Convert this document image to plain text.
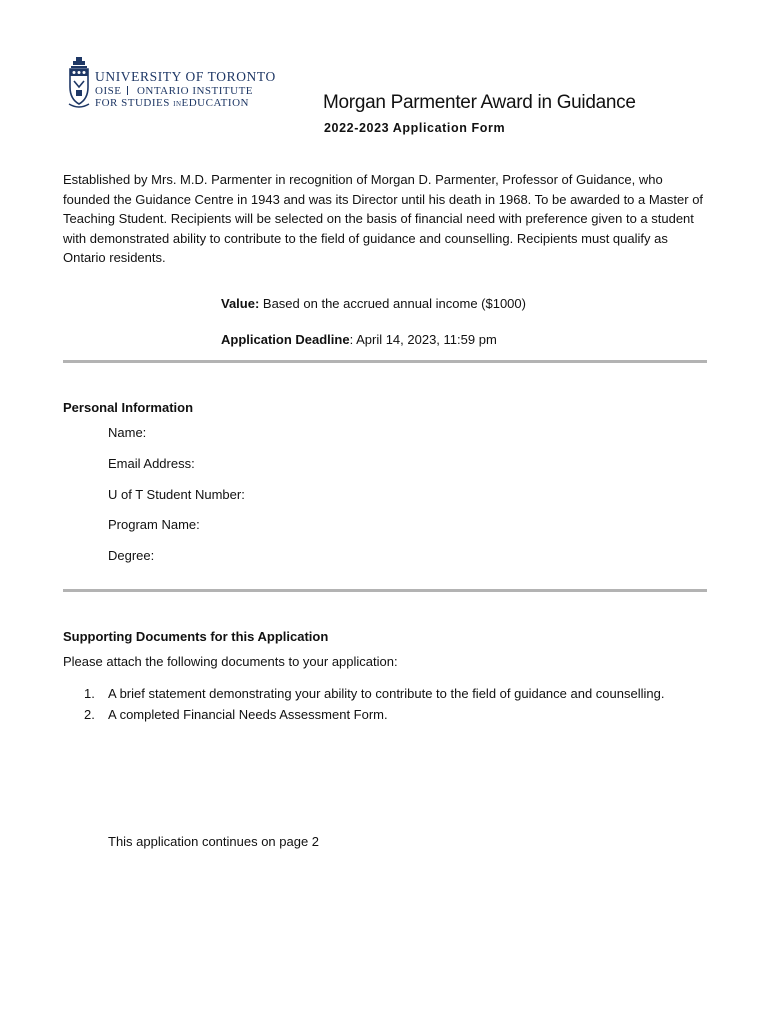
UNIVERSITY OF TORONTO
OISE ONTARIO INSTITUTE
FOR STUDIES INEDUCATION	Morgan Parmenter Award in Guidance
2022-2023 Application Form
Established by Mrs. M.D. Parmenter in recognition of Morgan D. Parmenter, Professor of Guidance, who founded the Guidance Centre in 1943 and was its Director until his death in 1968. To be awarded to a Master of Teaching Student. Recipients will be selected on the basis of financial need with preference given to a student with demonstrated ability to contribute to the field of guidance and counselling. Recipients must qualify as Ontario residents.
Value: Based on the accrued annual income ($1000)
Application Deadline: April 14, 2023, 11:59 pm
Personal Information
Name:
Email Address:
U of T Student Number:
Program Name:
Degree:
Supporting Documents for this Application
Please attach the following documents to your application:
1. A brief statement demonstrating your ability to contribute to the field of guidance and counselling.
2. A completed Financial Needs Assessment Form.
This application continues on page 2
